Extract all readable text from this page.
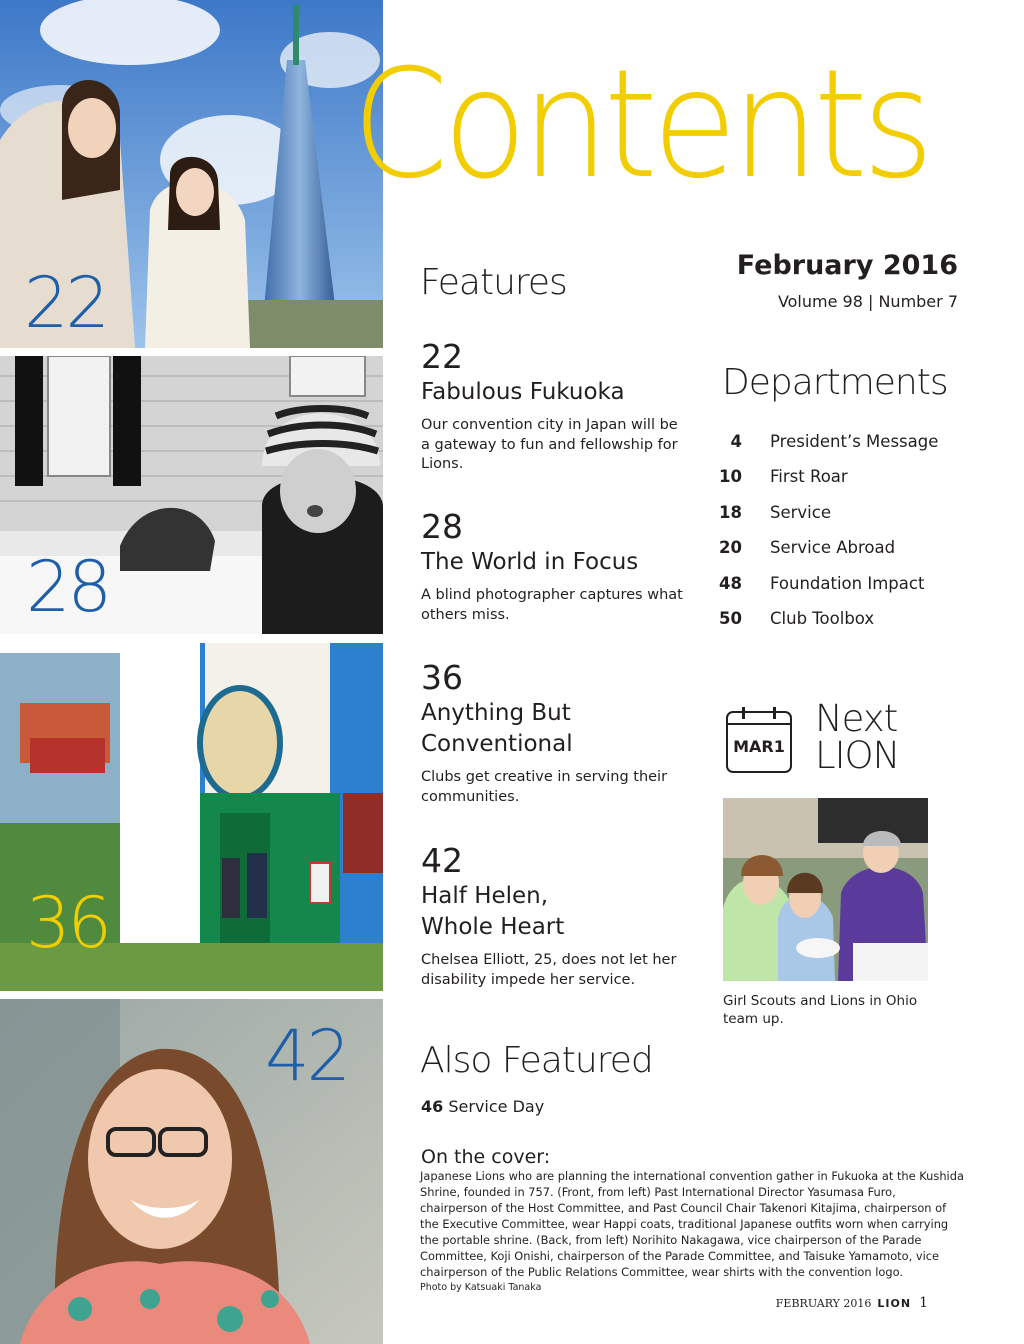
22
28
36
42
Contents
February 2016
Volume 98 | Number 7
Features
22
Fabulous Fukuoka
Our convention city in Japan will be a gateway to fun and fellowship for Lions.
28
The World in Focus
A blind photographer captures what others miss.
36
Anything But
Conventional
Clubs get creative in serving their communities.
42
Half Helen,
Whole Heart
Chelsea Elliott, 25, does not let her disability impede her service.
Departments
4 President’s Message
10 First Roar
18 Service
20 Service Abroad
48 Foundation Impact
50 Club Toolbox
MAR1
Next
LION
Girl Scouts and Lions in Ohio team up.
Also Featured
46 Service Day
On the cover:
Japanese Lions who are planning the international convention gather in Fukuoka at the Kushida Shrine, founded in 757. (Front, from left) Past International Director Yasumasa Furo, chairperson of the Host Committee, and Past Council Chair Takenori Kitajima, chairperson of the Executive Committee, wear Happi coats, traditional Japanese outfits worn when carrying the portable shrine. (Back, from left) Norihito Nakagawa, vice chairperson of the Parade Committee, Koji Onishi, chairperson of the Parade Committee, and Taisuke Yamamoto, vice chairperson of the Public Relations Committee, wear shirts with the convention logo.
Photo by Katsuaki Tanaka
FEBRUARY 2016 LION 1
